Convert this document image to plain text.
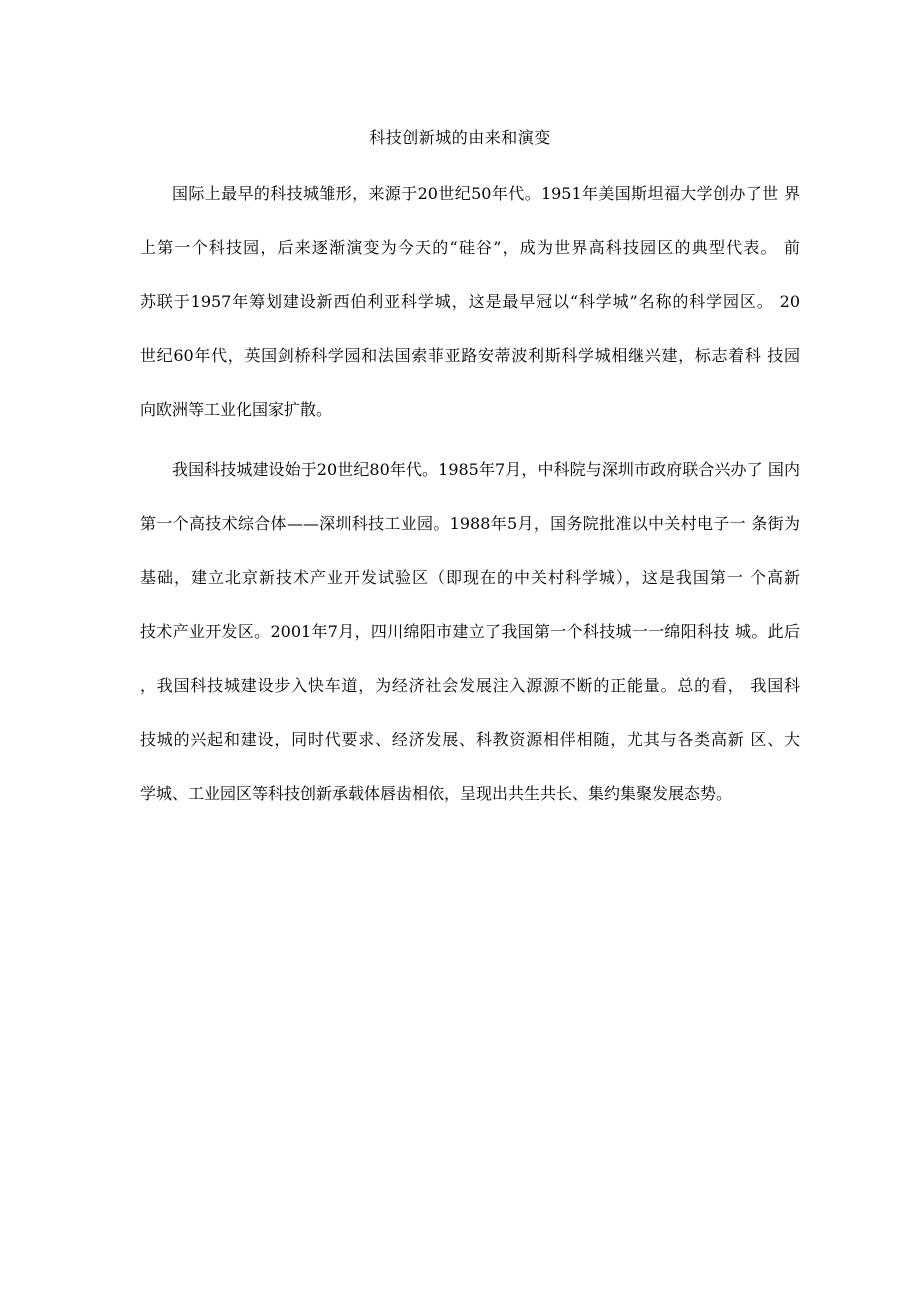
科技创新城的由来和演变
国际上最早的科技城雏形，来源于20世纪50年代。1951年美国斯坦福大学创办了世 界
上第一个科技园，后来逐渐演变为今天的“硅谷”，成为世界高科技园区的典型代表。 前
苏联于1957年筹划建设新西伯利亚科学城，这是最早冠以“科学城”名称的科学园区。 20
世纪60年代，英国剑桥科学园和法国索菲亚路安蒂波利斯科学城相继兴建，标志着科 技园
向欧洲等工业化国家扩散。
我国科技城建设始于20世纪80年代。1985年7月，中科院与深圳市政府联合兴办了 国内
第一个高技术综合体——深圳科技工业园。1988年5月，国务院批准以中关村电子一 条街为
基础，建立北京新技术产业开发试验区（即现在的中关村科学城），这是我国第一 个高新
技术产业开发区。2001年7月，四川绵阳市建立了我国第一个科技城一一绵阳科技 城。此后
，我国科技城建设步入快车道，为经济社会发展注入源源不断的正能量。总的看， 我国科
技城的兴起和建设，同时代要求、经济发展、科教资源相伴相随，尤其与各类高新 区、大
学城、工业园区等科技创新承载体唇齿相依，呈现出共生共长、集约集聚发展态势。
